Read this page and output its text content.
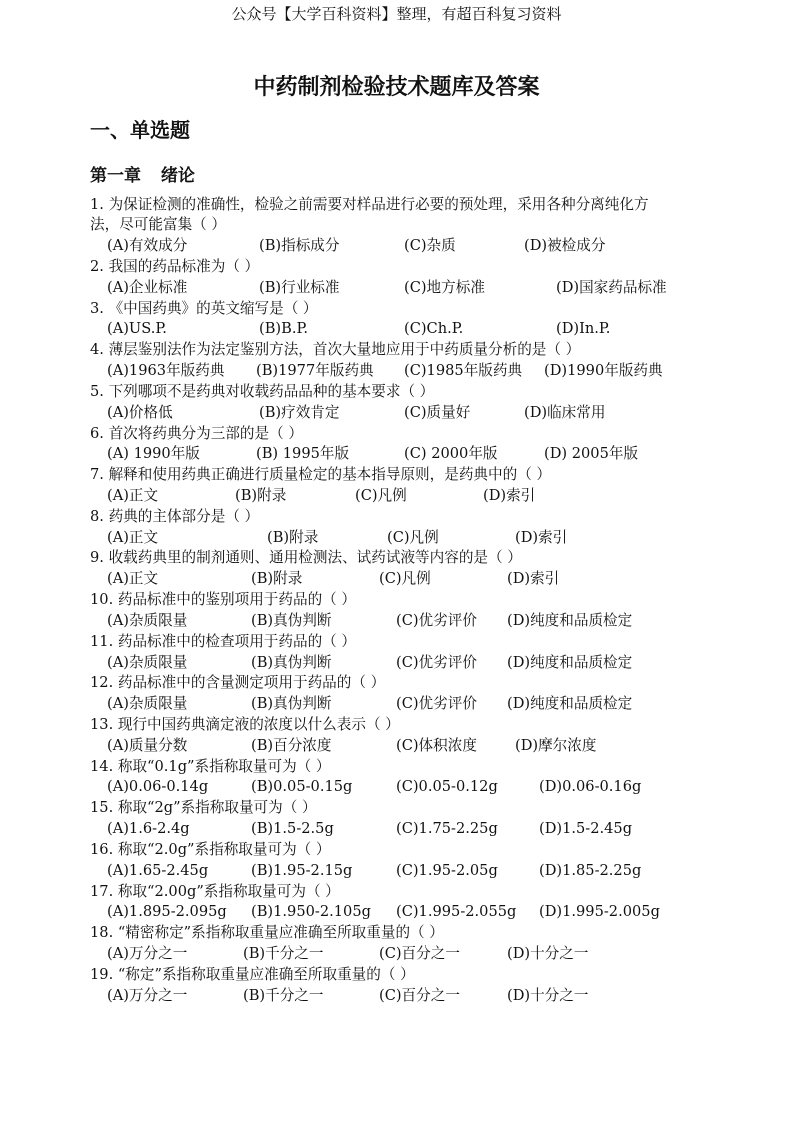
公众号【大学百科资料】整理，有超百科复习资料
中药制剂检验技术题库及答案
一、单选题
第一章 绪论
1. 为保证检测的准确性，检验之前需要对样品进行必要的预处理，采用各种分离纯化方
法，尽可能富集（ ）
(A)有效成分	(B)指标成分	(C)杂质	(D)被检成分
2. 我国的药品标准为（ ）
(A)企业标准	(B)行业标准	(C)地方标准	(D)国家药品标准
3. 《中国药典》的英文缩写是（ ）
(A)US.P.	(B)B.P.	(C)Ch.P.	(D)In.P.
4. 薄层鉴别法作为法定鉴别方法，首次大量地应用于中药质量分析的是（ ）
(A)1963年版药典 (B)1977年版药典 (C)1985年版药典 (D)1990年版药典
5. 下列哪项不是药典对收载药品品种的基本要求（ ）
(A)价格低	(B)疗效肯定	(C)质量好	(D)临床常用
6. 首次将药典分为三部的是（ ）
(A) 1990年版	(B) 1995年版	(C) 2000年版	(D) 2005年版
7. 解释和使用药典正确进行质量检定的基本指导原则，是药典中的（ ）
(A)正文	(B)附录	(C)凡例	(D)索引
8. 药典的主体部分是（ ）
(A)正文	(B)附录	(C)凡例	(D)索引
9. 收载药典里的制剂通则、通用检测法、试药试液等内容的是（ ）
(A)正文	(B)附录	(C)凡例	(D)索引
10. 药品标准中的鉴别项用于药品的（ ）
(A)杂质限量	(B)真伪判断	(C)优劣评价 (D)纯度和品质检定
11. 药品标准中的检查项用于药品的（ ）
(A)杂质限量	(B)真伪判断	(C)优劣评价 (D)纯度和品质检定
12. 药品标准中的含量测定项用于药品的（ ）
(A)杂质限量	(B)真伪判断	(C)优劣评价 (D)纯度和品质检定
13. 现行中国药典滴定液的浓度以什么表示（ ）
(A)质量分数	(B)百分浓度	(C)体积浓度	(D)摩尔浓度
14. 称取“0.1g”系指称取量可为（ ）
(A)0.06-0.14g	(B)0.05-0.15g	(C)0.05-0.12g	(D)0.06-0.16g
15. 称取“2g”系指称取量可为（ ）
(A)1.6-2.4g	(B)1.5-2.5g	(C)1.75-2.25g	(D)1.5-2.45g
16. 称取“2.0g”系指称取量可为（ ）
(A)1.65-2.45g	(B)1.95-2.15g	(C)1.95-2.05g	(D)1.85-2.25g
17. 称取“2.00g”系指称取量可为（ ）
(A)1.895-2.095g (B)1.950-2.105g (C)1.995-2.055g (D)1.995-2.005g
18. “精密称定”系指称取重量应准确至所取重量的（ ）
(A)万分之一	(B)千分之一	(C)百分之一	(D)十分之一
19. “称定”系指称取重量应准确至所取重量的（ ）
(A)万分之一	(B)千分之一	(C)百分之一	(D)十分之一
